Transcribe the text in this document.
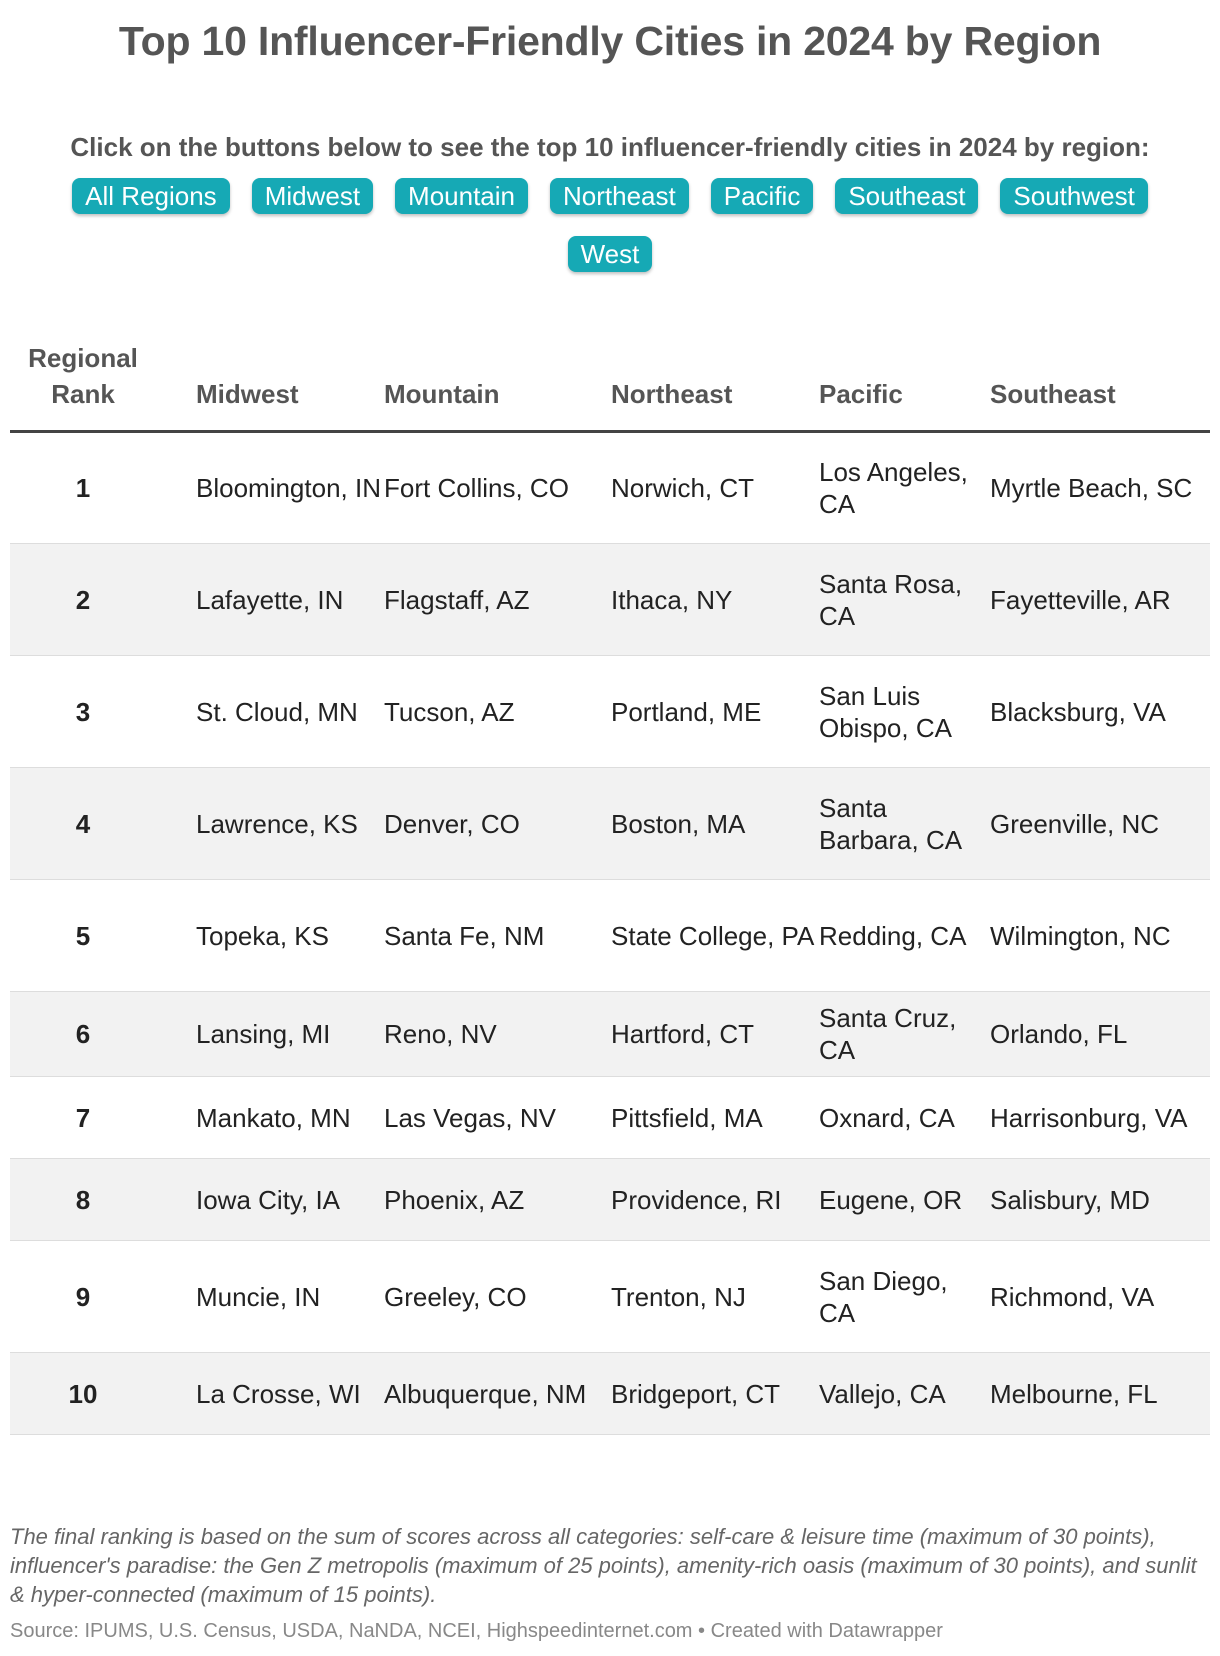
Top 10 Influencer-Friendly Cities in 2024 by Region
Click on the buttons below to see the top 10 influencer-friendly cities in 2024 by region:
All Regions	Midwest	Mountain	Northeast	Pacific	Southeast	Southwest
West
Regional
Rank	Midwest	Mountain	Northeast	Pacific	Southeast
1	Bloomington, IN	Fort Collins, CO	Norwich, CT	Los Angeles, CA	Myrtle Beach, SC
2	Lafayette, IN	Flagstaff, AZ	Ithaca, NY	Santa Rosa, CA	Fayetteville, AR
3	St. Cloud, MN	Tucson, AZ	Portland, ME	San Luis Obispo, CA	Blacksburg, VA
4	Lawrence, KS	Denver, CO	Boston, MA	Santa Barbara, CA	Greenville, NC
5	Topeka, KS	Santa Fe, NM	State College, PA	Redding, CA	Wilmington, NC
6	Lansing, MI	Reno, NV	Hartford, CT	Santa Cruz, CA	Orlando, FL
7	Mankato, MN	Las Vegas, NV	Pittsfield, MA	Oxnard, CA	Harrisonburg, VA
8	Iowa City, IA	Phoenix, AZ	Providence, RI	Eugene, OR	Salisbury, MD
9	Muncie, IN	Greeley, CO	Trenton, NJ	San Diego, CA	Richmond, VA
10	La Crosse, WI	Albuquerque, NM	Bridgeport, CT	Vallejo, CA	Melbourne, FL
The final ranking is based on the sum of scores across all categories: self-care & leisure time (maximum of 30 points), influencer's paradise: the Gen Z metropolis (maximum of 25 points), amenity-rich oasis (maximum of 30 points), and sunlit & hyper-connected (maximum of 15 points).
Source: IPUMS, U.S. Census, USDA, NaNDA, NCEI, Highspeedinternet.com • Created with Datawrapper
